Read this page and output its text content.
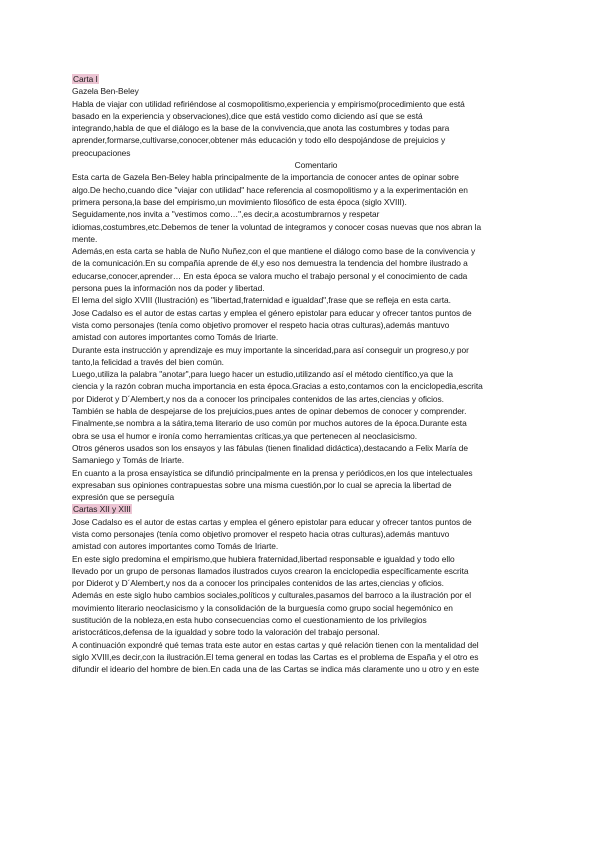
Carta I
Gazela Ben-Beley
Habla de viajar con utilidad refiriéndose al cosmopolitismo,experiencia y empirismo(procedimiento que está
basado en la experiencia y observaciones),dice que está vestido como diciendo así que se está
integrando,habla de que el diálogo es la base de la convivencia,que anota las costumbres y todas para
aprender,formarse,cultivarse,conocer,obtener más educación y todo ello despojándose de prejuicios y
preocupaciones
Comentario
Esta carta de Gazela Ben-Beley habla principalmente de la importancia de conocer antes de opinar sobre
algo.De hecho,cuando dice "viajar con utilidad" hace referencia al cosmopolitismo y a la experimentación en
primera persona,la base del empirismo,un movimiento filosófico de esta época (siglo XVIII).
Seguidamente,nos invita a "vestimos como…",es decir,a acostumbrarnos y respetar
idiomas,costumbres,etc.Debemos de tener la voluntad de integramos y conocer cosas nuevas que nos abran la
mente.
Además,en esta carta se habla de Nuño Nuñez,con el que mantiene el diálogo como base de la convivencia y
de la comunicación.En su compañía aprende de él,y eso nos demuestra la tendencia del hombre ilustrado a
educarse,conocer,aprender… En esta época se valora mucho el trabajo personal y el conocimiento de cada
persona pues la información nos da poder y libertad.
El lema del siglo XVIII (Ilustración) es "libertad,fraternidad e igualdad",frase que se refleja en esta carta.
Jose Cadalso es el autor de estas cartas y emplea el género epistolar para educar y ofrecer tantos puntos de
vista como personajes (tenía como objetivo promover el respeto hacia otras culturas),además mantuvo
amistad con autores importantes como Tomás de Iriarte.
Durante esta instrucción y aprendizaje es muy importante la sinceridad,para así conseguir un progreso,y por
tanto,la felicidad a través del bien común.
Luego,utiliza la palabra "anotar",para luego hacer un estudio,utilizando así el método científico,ya que la
ciencia y la razón cobran mucha importancia en esta época.Gracias a esto,contamos con la enciclopedia,escrita
por Diderot y D´Alembert,y nos da a conocer los principales contenidos de las artes,ciencias y oficios.
También se habla de despejarse de los prejuicios,pues antes de opinar debemos de conocer y comprender.
Finalmente,se nombra a la sátira,tema literario de uso común por muchos autores de la época.Durante esta
obra se usa el humor e ironía como herramientas críticas,ya que pertenecen al neoclasicismo.
Otros géneros usados son los ensayos y las fábulas (tienen finalidad didáctica),destacando a Felix María de
Samaniego y Tomás de Iriarte.
En cuanto a la prosa ensayística se difundió principalmente en la prensa y periódicos,en los que intelectuales
expresaban sus opiniones contrapuestas sobre una misma cuestión,por lo cual se aprecia la libertad de
expresión que se perseguía
Cartas XII y XIII
Jose Cadalso es el autor de estas cartas y emplea el género epistolar para educar y ofrecer tantos puntos de
vista como personajes (tenía como objetivo promover el respeto hacia otras culturas),además mantuvo
amistad con autores importantes como Tomás de Iriarte.
En este siglo predomina el empirismo,que hubiera fraternidad,libertad responsable e igualdad y todo ello
llevado por un grupo de personas llamados ilustrados cuyos crearon la enciclopedia específicamente escrita
por Diderot y D´Alembert,y nos da a conocer los principales contenidos de las artes,ciencias y oficios.
Además en este siglo hubo cambios sociales,políticos y culturales,pasamos del barroco a la ilustración por el
movimiento literario neoclasicismo y la consolidación de la burguesía como grupo social hegemónico en
sustitución de la nobleza,en esta hubo consecuencias como el cuestionamiento de los privilegios
aristocráticos,defensa de la igualdad y sobre todo la valoración del trabajo personal.
A continuación expondré qué temas trata este autor en estas cartas y qué relación tienen con la mentalidad del
siglo XVIII,es decir,con la ilustración.El tema general en todas las Cartas es el problema de España y el otro es
difundir el ideario del hombre de bien.En cada una de las Cartas se indica más claramente uno u otro y en este
